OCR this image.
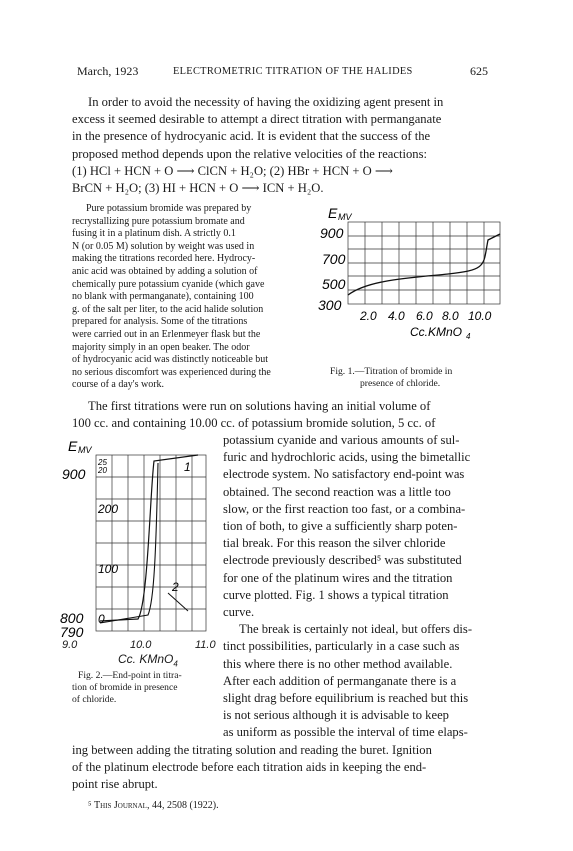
March, 1923	ELECTROMETRIC TITRATION OF THE HALIDES	625

In order to avoid the necessity of having the oxidizing agent present in

excess it seemed desirable to attempt a direct titration with permanganate

in the presence of hydrocyanic acid. It is evident that the success of the

proposed method depends upon the relative velocities of the reactions:

(1) HCl + HCN + O ⟶ ClCN + H₂O; (2) HBr + HCN + O ⟶

BrCN + H₂O; (3) HI + HCN + O ⟶ ICN + H₂O.

Pure potassium bromide was prepared by

recrystallizing pure potassium bromate and

fusing it in a platinum dish. A strictly 0.1

N (or 0.05 M) solution by weight was used in

making the titrations recorded here. Hydrocy-

anic acid was obtained by adding a solution of

chemically pure potassium cyanide (which gave

no blank with permanganate), containing 100

g. of the salt per liter, to the acid halide solution

prepared for analysis. Some of the titrations

were carried out in an Erlenmeyer flask but the

majority simply in an open beaker. The odor

of hydrocyanic acid was distinctly noticeable but

no serious discomfort was experienced during the

course of a day's work.

E MV
900
700
500
300
2.0 4.0 6.0 8.0 10.0
Cc.KMnO 4
Fig. 1.—Titration of bromide in
presence of chloride.

The first titrations were run on solutions having an initial volume of

100 cc. and containing 10.00 cc. of potassium bromide solution, 5 cc. of

E MV
25
20
900
200
100
0
800
790
1
2
9.0	10.0	11.0
Cc. KMnO$_4$
Fig. 2.—End-point in titra-
tion of bromide in presence
of chloride.

potassium cyanide and various amounts of sul-

furic and hydrochloric acids, using the bimetallic

electrode system. No satisfactory end-point was

obtained. The second reaction was a little too

slow, or the first reaction too fast, or a combina-

tion of both, to give a sufficiently sharp poten-

tial break. For this reason the silver chloride

electrode previously described⁵ was substituted

for one of the platinum wires and the titration

curve plotted. Fig. 1 shows a typical titration

curve.

The break is certainly not ideal, but offers dis-

tinct possibilities, particularly in a case such as

this where there is no other method available.

After each addition of permanganate there is a

slight drag before equilibrium is reached but this

is not serious although it is advisable to keep

as uniform as possible the interval of time elaps-

ing between adding the titrating solution and reading the buret. Ignition

of the platinum electrode before each titration aids in keeping the end-

point rise abrupt.

⁵ This Journal, 44, 2508 (1922).
